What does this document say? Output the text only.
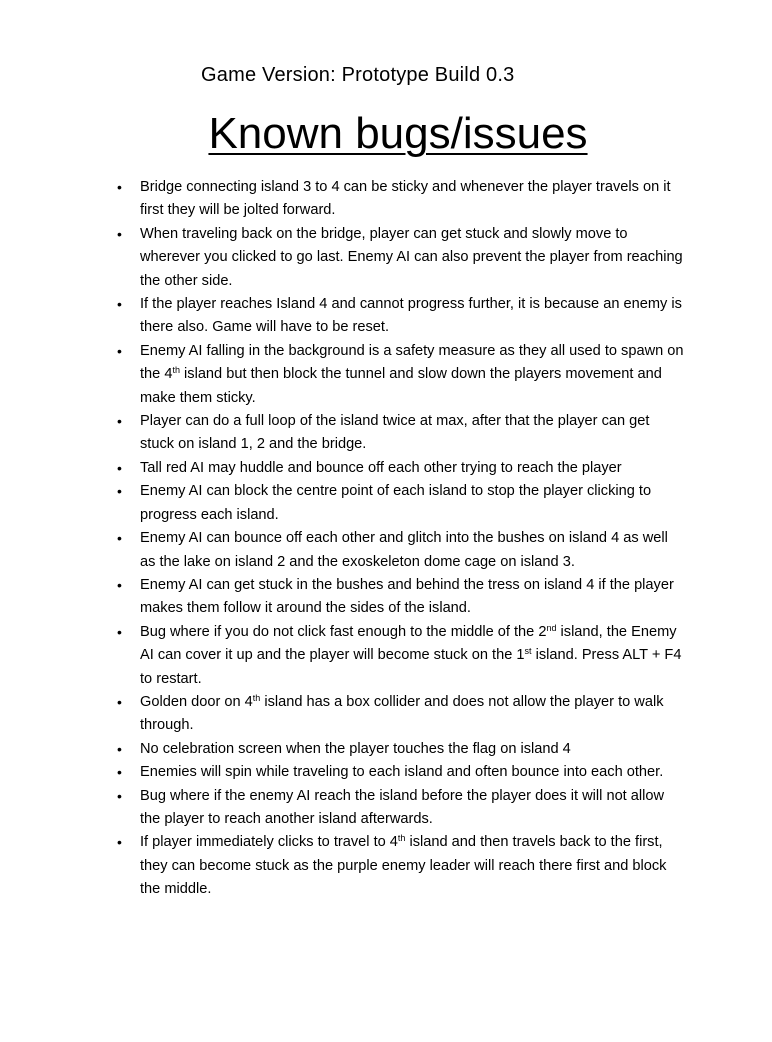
Game Version: Prototype Build 0.3
Known bugs/issues
• Bridge connecting island 3 to 4 can be sticky and whenever the player travels on it first they will be jolted forward.
• When traveling back on the bridge, player can get stuck and slowly move to wherever you clicked to go last. Enemy AI can also prevent the player from reaching the other side.
• If the player reaches Island 4 and cannot progress further, it is because an enemy is there also. Game will have to be reset.
• Enemy AI falling in the background is a safety measure as they all used to spawn on the 4th island but then block the tunnel and slow down the players movement and make them sticky.
• Player can do a full loop of the island twice at max, after that the player can get stuck on island 1, 2 and the bridge.
• Tall red AI may huddle and bounce off each other trying to reach the player
• Enemy AI can block the centre point of each island to stop the player clicking to progress each island.
• Enemy AI can bounce off each other and glitch into the bushes on island 4 as well as the lake on island 2 and the exoskeleton dome cage on island 3.
• Enemy AI can get stuck in the bushes and behind the tress on island 4 if the player makes them follow it around the sides of the island.
• Bug where if you do not click fast enough to the middle of the 2nd island, the Enemy AI can cover it up and the player will become stuck on the 1st island. Press ALT + F4 to restart.
• Golden door on 4th island has a box collider and does not allow the player to walk through.
• No celebration screen when the player touches the flag on island 4
• Enemies will spin while traveling to each island and often bounce into each other.
• Bug where if the enemy AI reach the island before the player does it will not allow the player to reach another island afterwards.
• If player immediately clicks to travel to 4th island and then travels back to the first, they can become stuck as the purple enemy leader will reach there first and block the middle.
